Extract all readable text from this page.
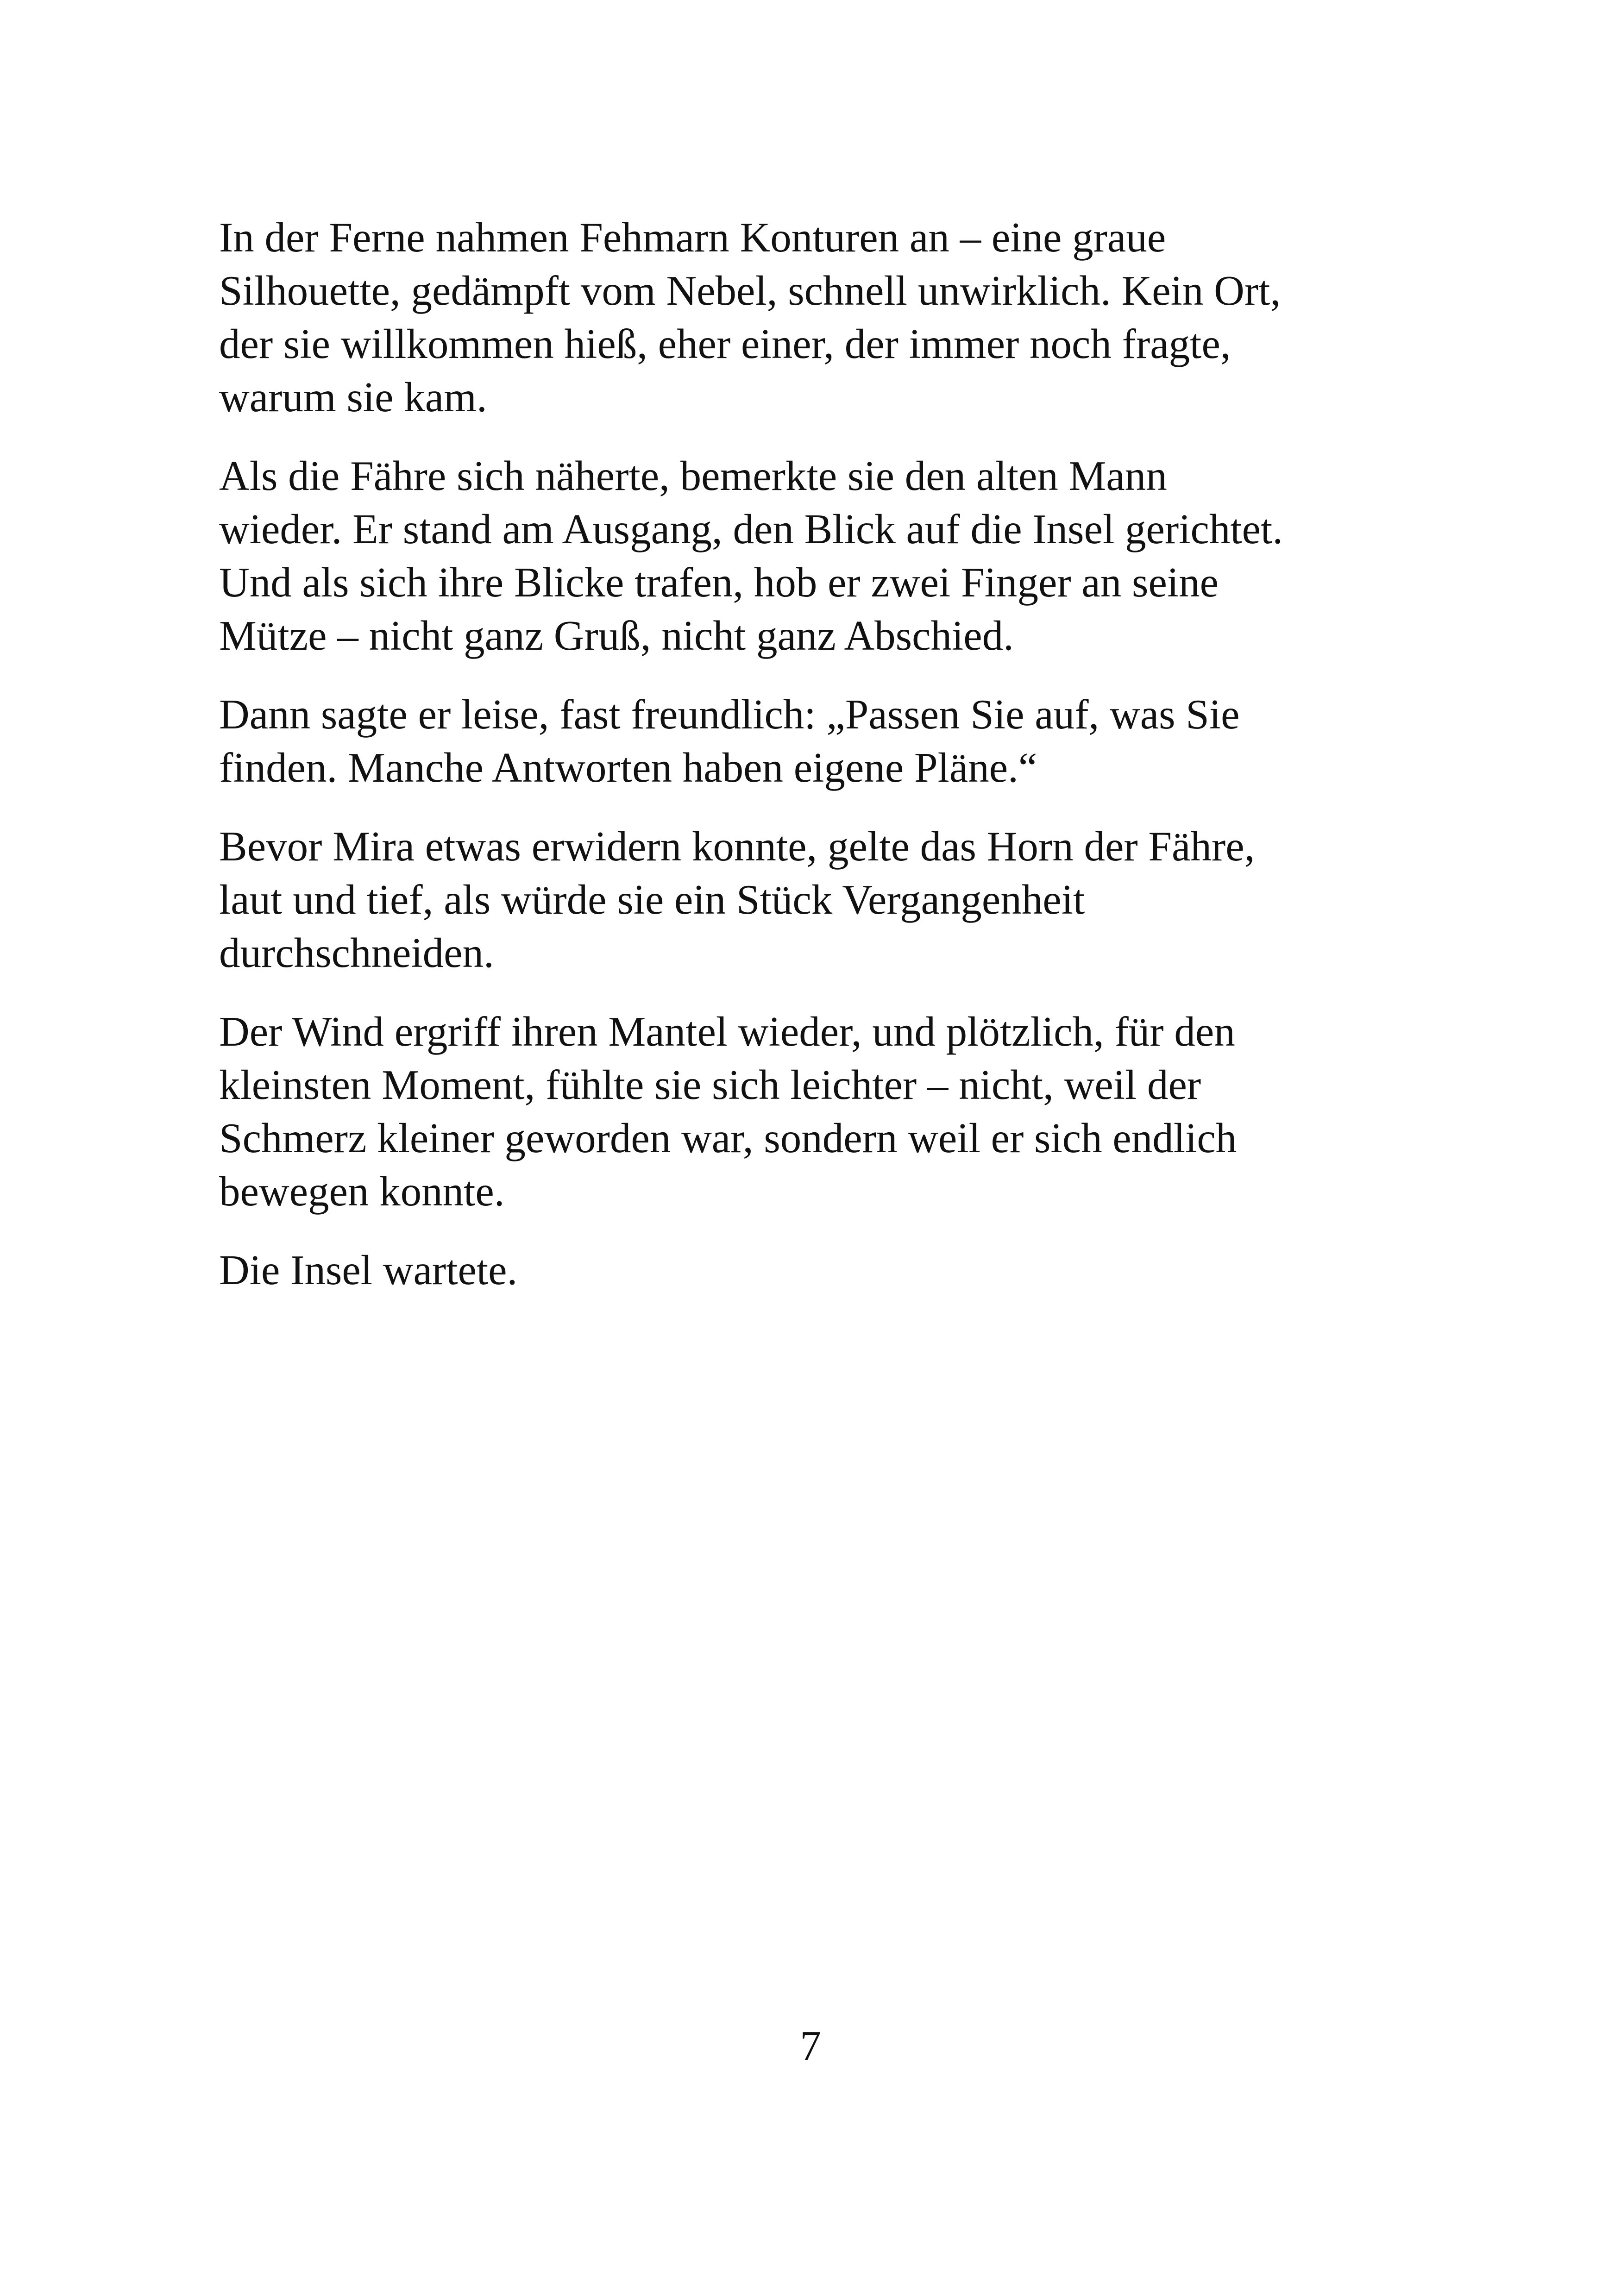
In der Ferne nahmen Fehmarn Konturen an – eine graue
Silhouette, gedämpft vom Nebel, schnell unwirklich. Kein Ort,
der sie willkommen hieß, eher einer, der immer noch fragte,
warum sie kam.
Als die Fähre sich näherte, bemerkte sie den alten Mann
wieder. Er stand am Ausgang, den Blick auf die Insel gerichtet.
Und als sich ihre Blicke trafen, hob er zwei Finger an seine
Mütze – nicht ganz Gruß, nicht ganz Abschied.
Dann sagte er leise, fast freundlich: „Passen Sie auf, was Sie
finden. Manche Antworten haben eigene Pläne.“
Bevor Mira etwas erwidern konnte, gelte das Horn der Fähre,
laut und tief, als würde sie ein Stück Vergangenheit
durchschneiden.
Der Wind ergriff ihren Mantel wieder, und plötzlich, für den
kleinsten Moment, fühlte sie sich leichter – nicht, weil der
Schmerz kleiner geworden war, sondern weil er sich endlich
bewegen konnte.
Die Insel wartete.
7
